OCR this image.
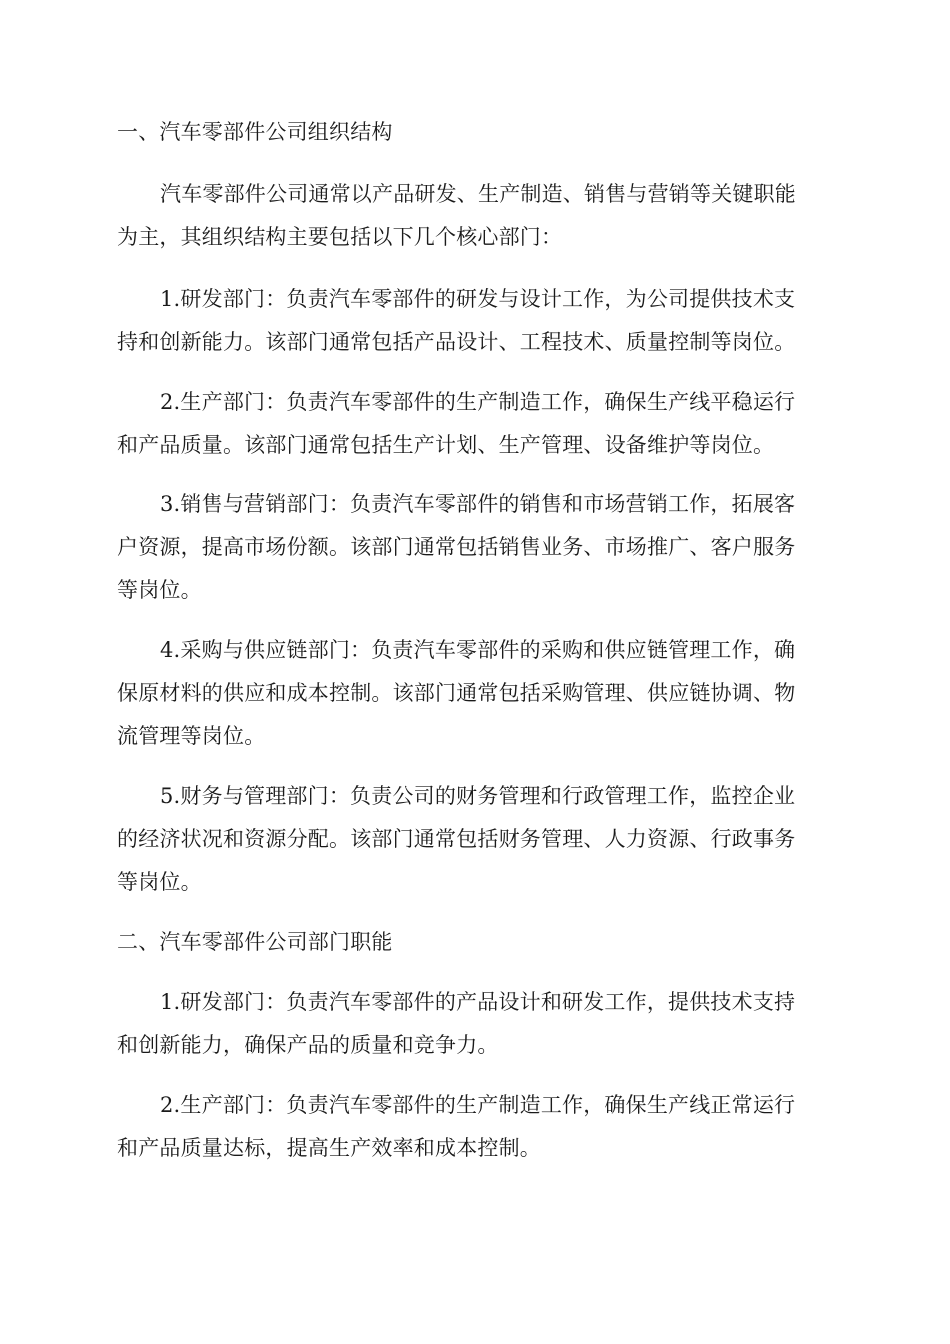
一、汽车零部件公司组织结构
汽车零部件公司通常以产品研发、生产制造、销售与营销等关键职能
为主，其组织结构主要包括以下几个核心部门：
1.研发部门：负责汽车零部件的研发与设计工作，为公司提供技术支
持和创新能力。该部门通常包括产品设计、工程技术、质量控制等岗位。
2.生产部门：负责汽车零部件的生产制造工作，确保生产线平稳运行
和产品质量。该部门通常包括生产计划、生产管理、设备维护等岗位。
3.销售与营销部门：负责汽车零部件的销售和市场营销工作，拓展客
户资源，提高市场份额。该部门通常包括销售业务、市场推广、客户服务
等岗位。
4.采购与供应链部门：负责汽车零部件的采购和供应链管理工作，确
保原材料的供应和成本控制。该部门通常包括采购管理、供应链协调、物
流管理等岗位。
5.财务与管理部门：负责公司的财务管理和行政管理工作，监控企业
的经济状况和资源分配。该部门通常包括财务管理、人力资源、行政事务
等岗位。
二、汽车零部件公司部门职能
1.研发部门：负责汽车零部件的产品设计和研发工作，提供技术支持
和创新能力，确保产品的质量和竞争力。
2.生产部门：负责汽车零部件的生产制造工作，确保生产线正常运行
和产品质量达标，提高生产效率和成本控制。
